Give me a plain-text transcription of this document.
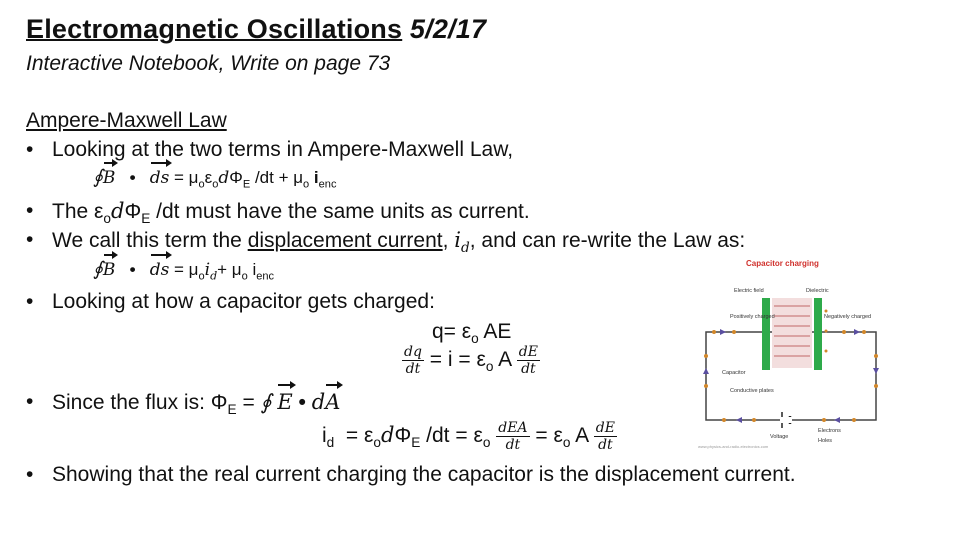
Electromagnetic Oscillations 5/2/17
Interactive Notebook, Write on page 73
Ampere-Maxwell Law
• Looking at the two terms in Ampere-Maxwell Law,
∮B • ds = $\mu_o\varepsilon_od\Phi_E$ $/dt + \mu_o$ $i_{enc}$
• The $\varepsilon_od\Phi_E$ /dt must have the same units as current.
• We call this term the displacement current, $i_d$, and can re-write the Law as:
∮B • ds = $\mu_oi_d+ \mu_o$ $i_{enc}$
• Looking at how a capacitor gets charged:
$q= \varepsilon_o$ AE
$\frac{dq}{dt} = i = \varepsilon_o$ A $\frac{dE}{dt}$
• Since the flux is: $\Phi_E$ = ∮ E • dA
$i_d = \varepsilon_od\Phi_E$ $/dt = \varepsilon_o \frac{\text{dEA}}{dt} = \varepsilon_o$ A $\frac{dE}{dt}$
• Showing that the real current charging the capacitor is the displacement current.
Capacitor charging
Electric field	Dielectric
Positively charged	Negatively charged
Capacitor
Conductive plates
Voltage
Electrons
Holes
www.physics-and-radio-electronics.com
